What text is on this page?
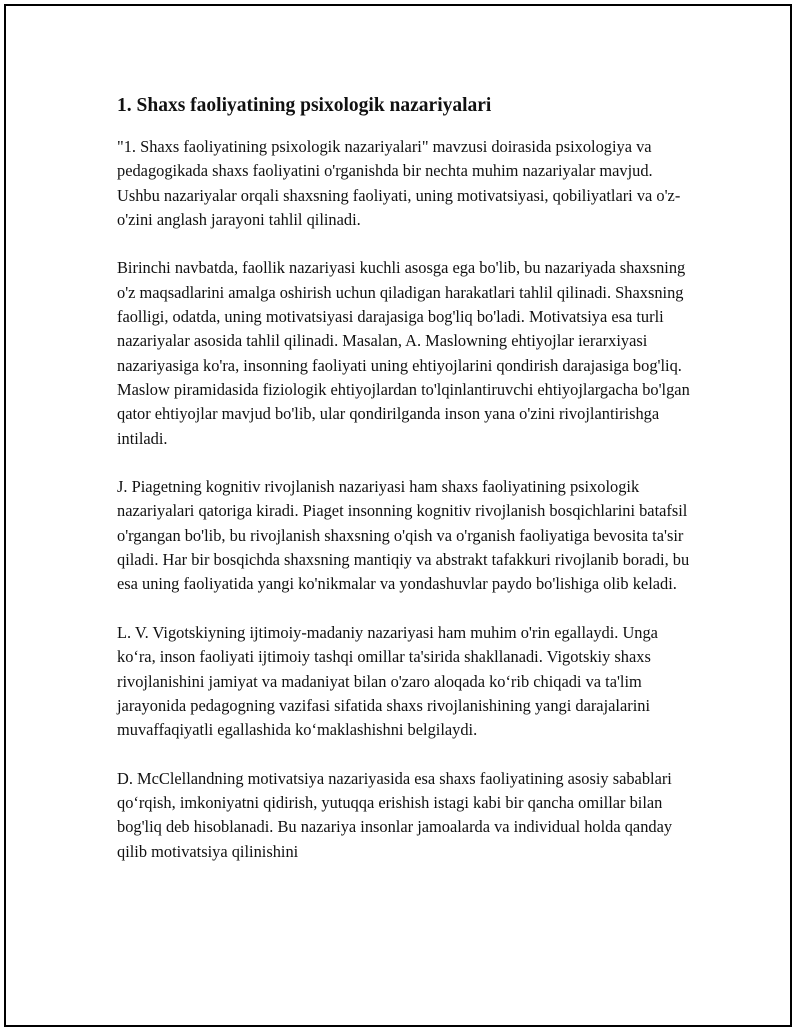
1. Shaxs faoliyatining psixologik nazariyalari

"1. Shaxs faoliyatining psixologik nazariyalari" mavzusi doirasida psixologiya va pedagogikada shaxs faoliyatini o'rganishda bir nechta muhim nazariyalar mavjud. Ushbu nazariyalar orqali shaxsning faoliyati, uning motivatsiyasi, qobiliyatlari va o'z-o'zini anglash jarayoni tahlil qilinadi.

Birinchi navbatda, faollik nazariyasi kuchli asosga ega bo'lib, bu nazariyada shaxsning o'z maqsadlarini amalga oshirish uchun qiladigan harakatlari tahlil qilinadi. Shaxsning faolligi, odatda, uning motivatsiyasi darajasiga bog'liq bo'ladi. Motivatsiya esa turli nazariyalar asosida tahlil qilinadi. Masalan, A. Maslowning ehtiyojlar ierarxiyasi nazariyasiga ko'ra, insonning faoliyati uning ehtiyojlarini qondirish darajasiga bog'liq. Maslow piramidasida fiziologik ehtiyojlardan to'lqinlantiruvchi ehtiyojlargacha bo'lgan qator ehtiyojlar mavjud bo'lib, ular qondirilganda inson yana o'zini rivojlantirishga intiladi.

J. Piagetning kognitiv rivojlanish nazariyasi ham shaxs faoliyatining psixologik nazariyalari qatoriga kiradi. Piaget insonning kognitiv rivojlanish bosqichlarini batafsil o'rgangan bo'lib, bu rivojlanish shaxsning o'qish va o'rganish faoliyatiga bevosita ta'sir qiladi. Har bir bosqichda shaxsning mantiqiy va abstrakt tafakkuri rivojlanib boradi, bu esa uning faoliyatida yangi ko'nikmalar va yondashuvlar paydo bo'lishiga olib keladi.

L. V. Vigotskiyning ijtimoiy-madaniy nazariyasi ham muhim o'rin egallaydi. Unga ko‘ra, inson faoliyati ijtimoiy tashqi omillar ta'sirida shakllanadi. Vigotskiy shaxs rivojlanishini jamiyat va madaniyat bilan o'zaro aloqada ko‘rib chiqadi va ta'lim jarayonida pedagogning vazifasi sifatida shaxs rivojlanishining yangi darajalarini muvaffaqiyatli egallashida ko‘maklashishni belgilaydi.

D. McClellandning motivatsiya nazariyasida esa shaxs faoliyatining asosiy sabablari qo‘rqish, imkoniyatni qidirish, yutuqqa erishish istagi kabi bir qancha omillar bilan bog'liq deb hisoblanadi. Bu nazariya insonlar jamoalarda va individual holda qanday qilib motivatsiya qilinishini
